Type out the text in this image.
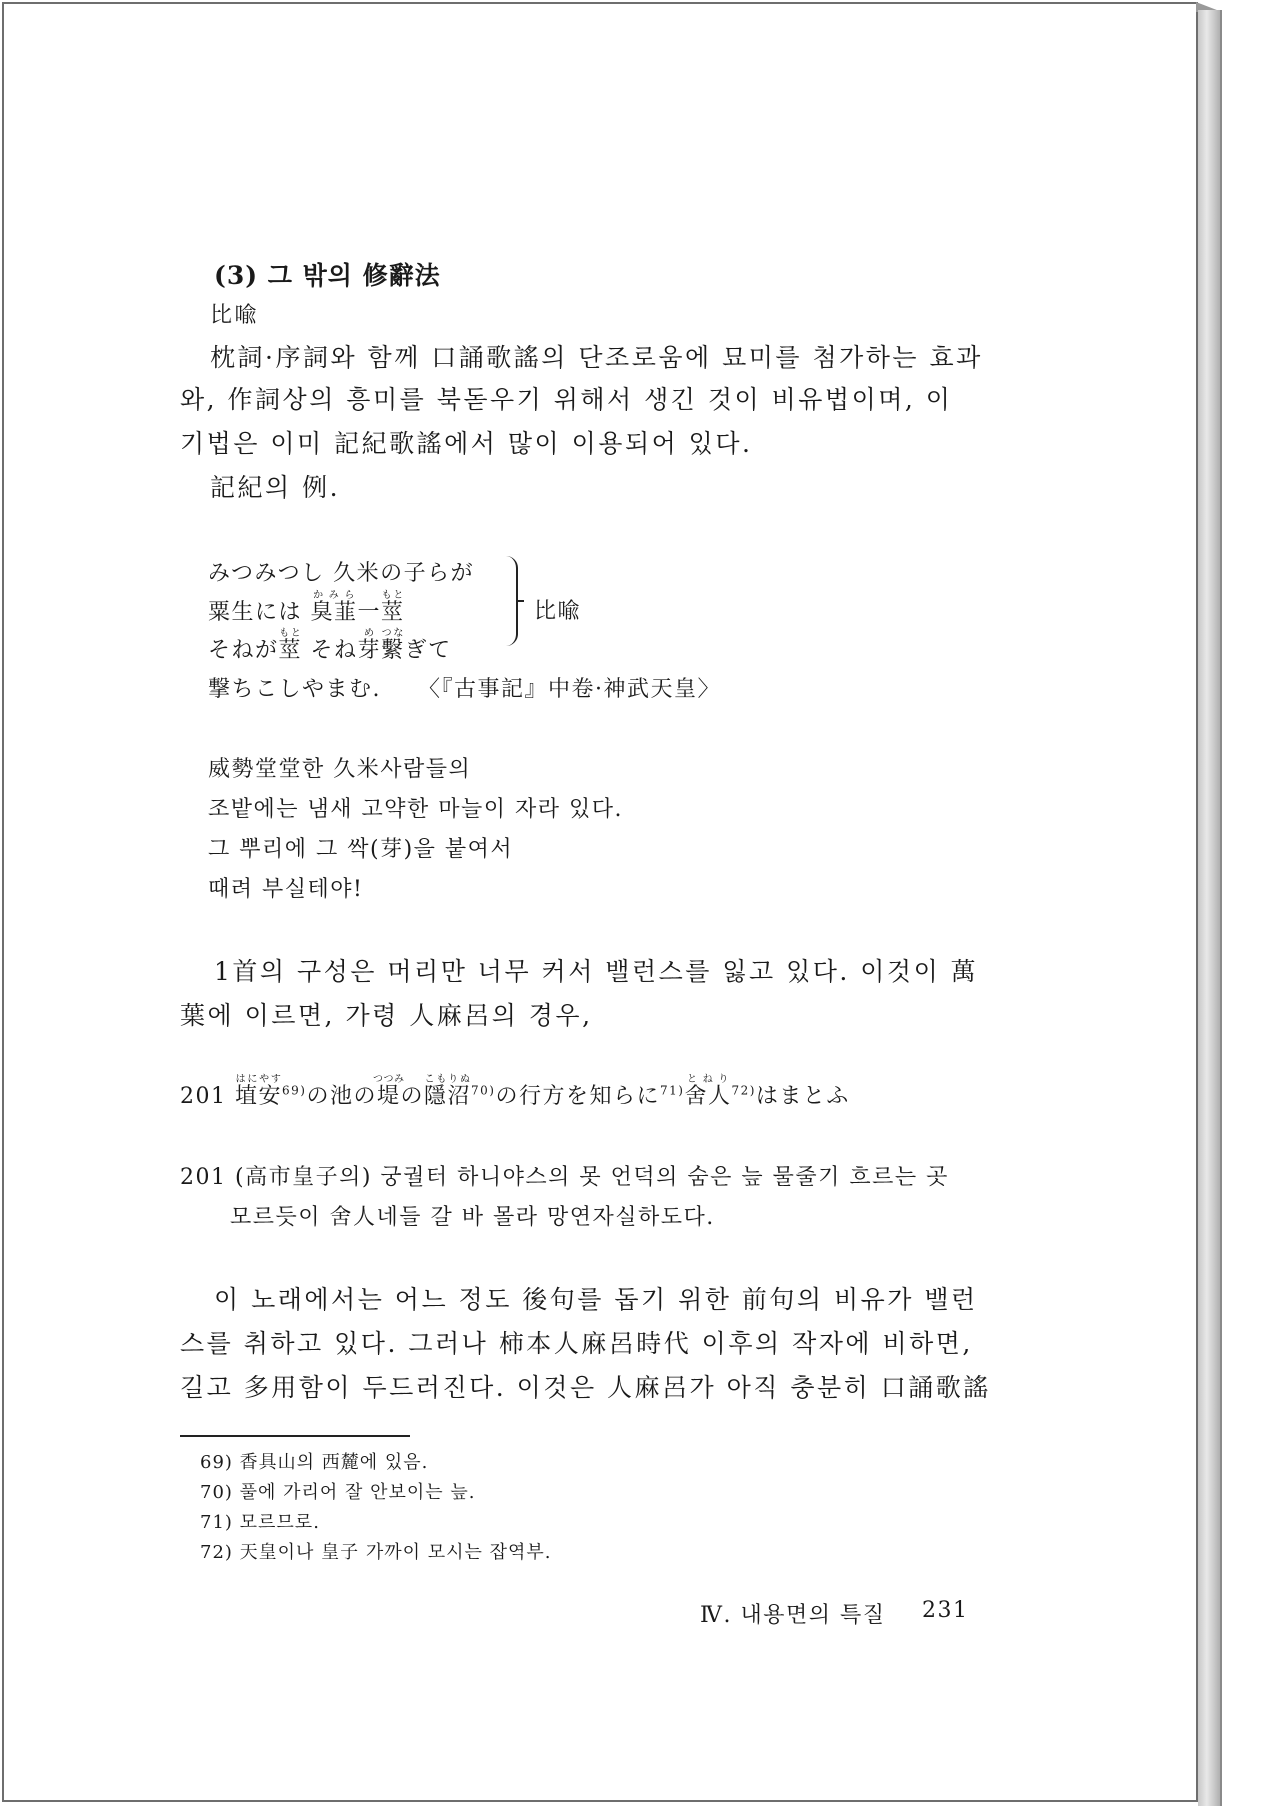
(3) 그 밖의 修辭法
比喩
枕詞·序詞와 함께 口誦歌謠의 단조로움에 묘미를 첨가하는 효과
와, 作詞상의 흥미를 북돋우기 위해서 생긴 것이 비유법이며, 이
기법은 이미 記紀歌謠에서 많이 이용되어 있다.
記紀의 例.
みつみつし 久米の子らが
粟生には 臭韮かみら一莖もと
そねが莖もと そね芽め繫つなぎて
撃ちこしやまむ. 〈『古事記』中卷·神武天皇〉
比喩
威勢堂堂한 久米사람들의
조밭에는 냄새 고약한 마늘이 자라 있다.
그 뿌리에 그 싹(芽)을 붙여서
때려 부실테야!
1首의 구성은 머리만 너무 커서 밸런스를 잃고 있다. 이것이 萬
葉에 이르면, 가령 人麻呂의 경우,
201 埴安はにやす$^{69)}$の池の堤つつみの隱沼こもりぬ$^{70)}$の行方を知らに$^{71)}$舍人とねり$^{72)}$はまとふ
201 (高市皇子의) 궁궐터 하니야스의 못 언덕의 숨은 늪 물줄기 흐르는 곳
모르듯이 舍人네들 갈 바 몰라 망연자실하도다.
이 노래에서는 어느 정도 後句를 돕기 위한 前句의 비유가 밸런
스를 취하고 있다. 그러나 柿本人麻呂時代 이후의 작자에 비하면,
길고 多用함이 두드러진다. 이것은 人麻呂가 아직 충분히 口誦歌謠
69) 香具山의 西麓에 있음.
70) 풀에 가리어 잘 안보이는 늪.
71) 모르므로.
72) 天皇이나 皇子 가까이 모시는 잡역부.
Ⅳ. 내용면의 특질 231
